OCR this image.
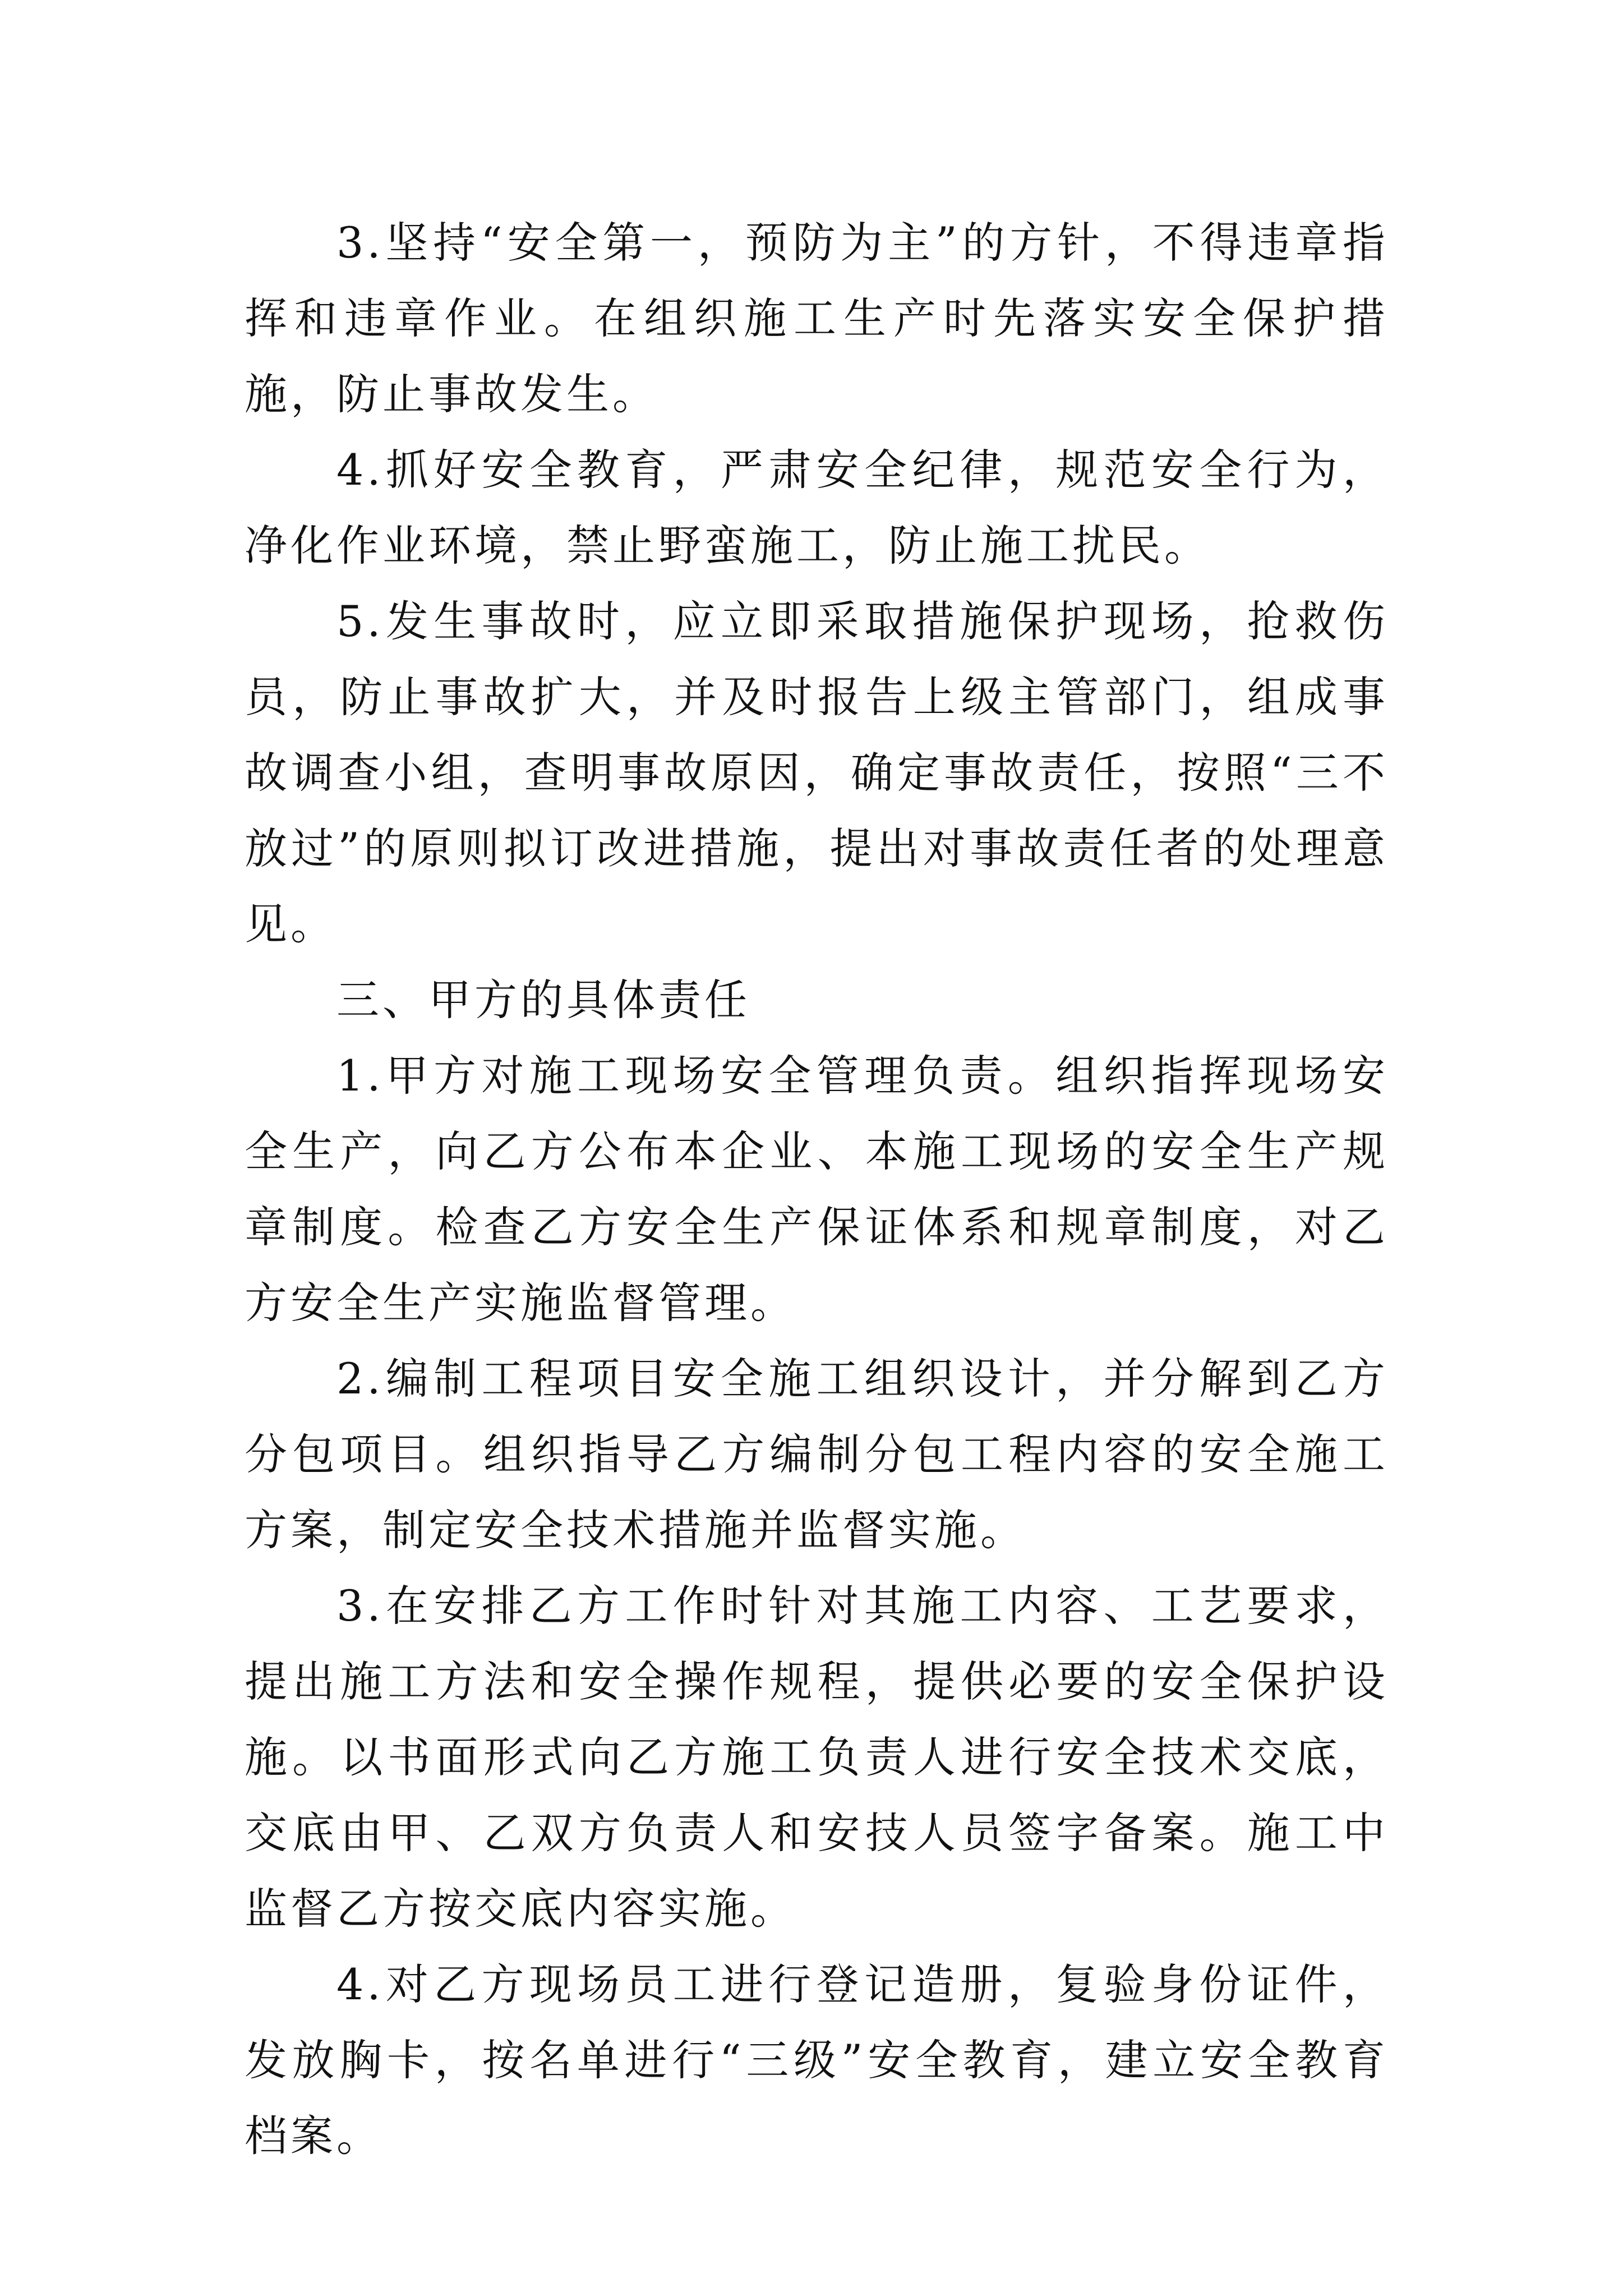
3.坚持“安全第一，预防为主”的方针，不得违章指挥和违章作业。在组织施工生产时先落实安全保护措施，防止事故发生。

4.抓好安全教育，严肃安全纪律，规范安全行为，净化作业环境，禁止野蛮施工，防止施工扰民。

5.发生事故时，应立即采取措施保护现场，抢救伤员，防止事故扩大，并及时报告上级主管部门，组成事故调查小组，查明事故原因，确定事故责任，按照“三不放过”的原则拟订改进措施，提出对事故责任者的处理意见。

三、甲方的具体责任

1.甲方对施工现场安全管理负责。组织指挥现场安全生产，向乙方公布本企业、本施工现场的安全生产规章制度。检查乙方安全生产保证体系和规章制度，对乙方安全生产实施监督管理。

2.编制工程项目安全施工组织设计，并分解到乙方分包项目。组织指导乙方编制分包工程内容的安全施工方案，制定安全技术措施并监督实施。

3.在安排乙方工作时针对其施工内容、工艺要求，提出施工方法和安全操作规程，提供必要的安全保护设施。以书面形式向乙方施工负责人进行安全技术交底，交底由甲、乙双方负责人和安技人员签字备案。施工中监督乙方按交底内容实施。

4.对乙方现场员工进行登记造册，复验身份证件，发放胸卡，按名单进行“三级”安全教育，建立安全教育档案。
